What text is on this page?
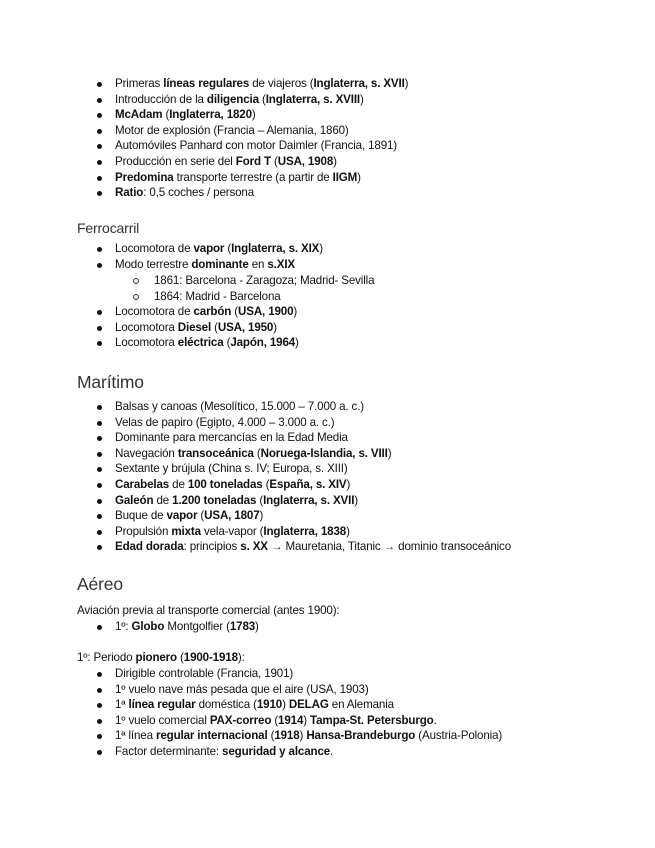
Primeras líneas regulares de viajeros (Inglaterra, s. XVII)
Introducción de la diligencia (Inglaterra, s. XVIII)
McAdam (Inglaterra, 1820)
Motor de explosión (Francia – Alemania, 1860)
Automóviles Panhard con motor Daimler (Francia, 1891)
Producción en serie del Ford T (USA, 1908)
Predomina transporte terrestre (a partir de IIGM)
Ratio: 0,5 coches / persona
Ferrocarril
Locomotora de vapor (Inglaterra, s. XIX)
Modo terrestre dominante en s.XIX
1861: Barcelona - Zaragoza; Madrid- Sevilla
1864: Madrid - Barcelona
Locomotora de carbón (USA, 1900)
Locomotora Diesel (USA, 1950)
Locomotora eléctrica (Japón, 1964)
Marítimo
Balsas y canoas (Mesolítico, 15.000 – 7.000 a. c.)
Velas de papiro (Egipto, 4.000 – 3.000 a. c.)
Dominante para mercancías en la Edad Media
Navegación transoceánica (Noruega-Islandia, s. VIII)
Sextante y brújula (China s. IV; Europa, s. XIII)
Carabelas de 100 toneladas (España, s. XIV)
Galeón de 1.200 toneladas (Inglaterra, s. XVII)
Buque de vapor (USA, 1807)
Propulsión mixta vela-vapor (Inglaterra, 1838)
Edad dorada: principios s. XX → Mauretania, Titanic → dominio transoceánico
Aéreo

Aviación previa al transporte comercial (antes 1900):

1º: Globo Montgolfier (1783)

1º: Periodo pionero (1900-1918):

Dirigible controlable (Francia, 1901)
1º vuelo nave más pesada que el aire (USA, 1903)
1ª línea regular doméstica (1910) DELAG en Alemania
1º vuelo comercial PAX-correo (1914) Tampa-St. Petersburgo.
1ª línea regular internacional (1918) Hansa-Brandeburgo (Austria-Polonia)
Factor determinante: seguridad y alcance.
